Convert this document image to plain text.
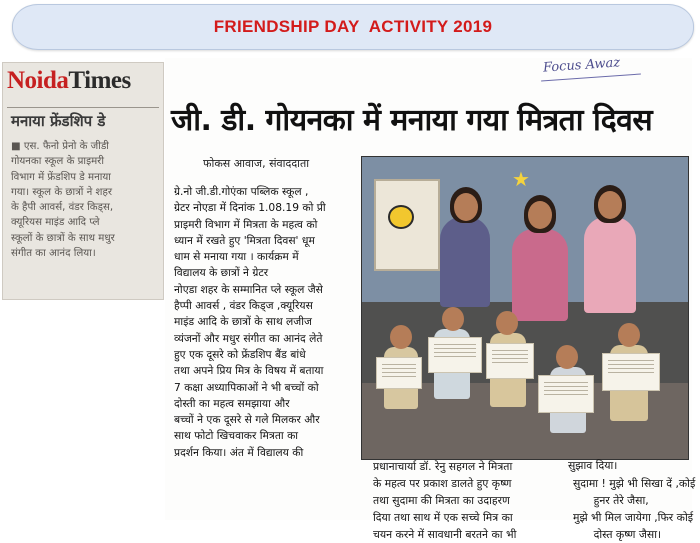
FRIENDSHIP DAY  ACTIVITY 2019
NoidaTimes
मनाया फ्रेंडशिप डे
■ एस. फैनो प्रेनो के जीडी
गोयनका स्कूल के प्राइमरी
विभाग में फ्रेंडशिप डे मनाया
गया। स्कूल के छात्रों ने शहर
के हैपी आवर्स, वंडर किड्स,
क्यूरियस माइंड आदि प्ले
स्कूलों के छात्रों के साथ मधुर
संगीत का आनंद लिया।
Focus Awaz
जी. डी. गोयनका में मनाया गया मित्रता दिवस
फोकस आवाज, संवाददाता
ग्रे.नो जी.डी.गोएंका पब्लिक स्कूल ,
ग्रेटर नोएडा में दिनांक 1.08.19 को प्री
प्राइमरी विभाग में मित्रता के महत्व को
ध्यान में रखते हुए 'मित्रता दिवस' धूम
धाम से मनाया गया । कार्यक्रम में
विद्यालय के छात्रों ने ग्रेटर
नोएडा शहर के सम्मानित प्ले स्कूल जैसे
हैप्पी आवर्स , वंडर किड्ज ,क्यूरियस
माइंड आदि के छात्रों के साथ लजीज
व्यंजनों और मधुर संगीत का आनंद लेते
हुए एक दूसरे को फ्रेंडशिप बैंड बांधे
तथा अपने प्रिय मित्र के विषय में बताया
7 कक्षा अध्यापिकाओं ने भी बच्चों को
दोस्ती का महत्व समझाया और
बच्चों ने एक दूसरे से गले मिलकर और
साथ फोटो खिचवाकर मित्रता का
प्रदर्शन किया। अंत में विद्यालय की
★
प्रधानाचार्या डॉ. रेनु सहगल ने मित्रता
के महत्व पर प्रकाश डालते हुए कृष्ण
तथा सुदामा की मित्रता का उदाहरण
दिया तथा साथ में एक सच्चे मित्र का
चयन करने में सावधानी बरतने का भी
सुझाव दिया।
सुदामा ! मुझे भी सिखा दें ,कोई
हुनर तेरे जैसा,
मुझे भी मिल जायेगा ,फिर कोई
दोस्त कृष्ण जैसा।
